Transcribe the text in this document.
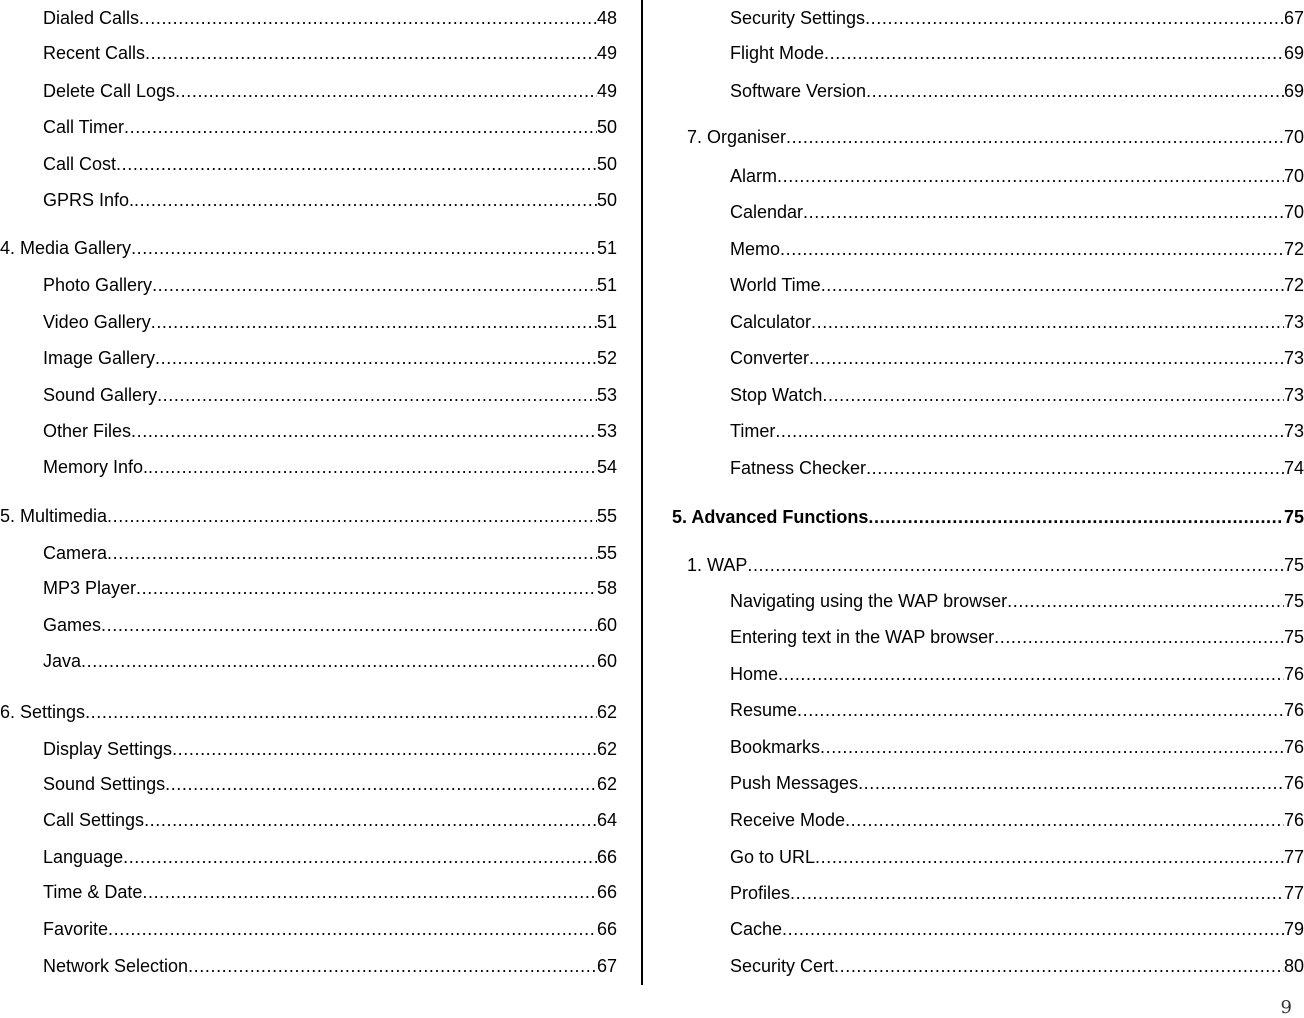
Dialed Calls .....	48
Recent Calls .....	49
Delete Call Logs .....	49
Call Timer .....	50
Call Cost .....	50
GPRS Info. .....	50
4. Media Gallery .....	51
Photo Gallery .....	51
Video Gallery .....	51
Image Gallery .....	52
Sound Gallery .....	53
Other Files .....	53
Memory Info. .....	54
5. Multimedia .....	55
Camera .....	55
MP3 Player .....	58
Games .....	60
Java .....	60
6. Settings .....	62
Display Settings .....	62
Sound Settings .....	62
Call Settings .....	64
Language .....	66
Time & Date .....	66
Favorite .....	66
Network Selection .....	67
Security Settings .....	67
Flight Mode .....	69
Software Version .....	69
7. Organiser .....	70
Alarm .....	70
Calendar .....	70
Memo .....	72
World Time .....	72
Calculator .....	73
Converter .....	73
Stop Watch .....	73
Timer .....	73
Fatness Checker .....	74
5. Advanced Functions .....	75
1. WAP .....	75
Navigating using the WAP browser .....	75
Entering text in the WAP browser .....	75
Home .....	76
Resume .....	76
Bookmarks .....	76
Push Messages .....	76
Receive Mode .....	76
Go to URL .....	77
Profiles .....	77
Cache .....	79
Security Cert .....	80
9
